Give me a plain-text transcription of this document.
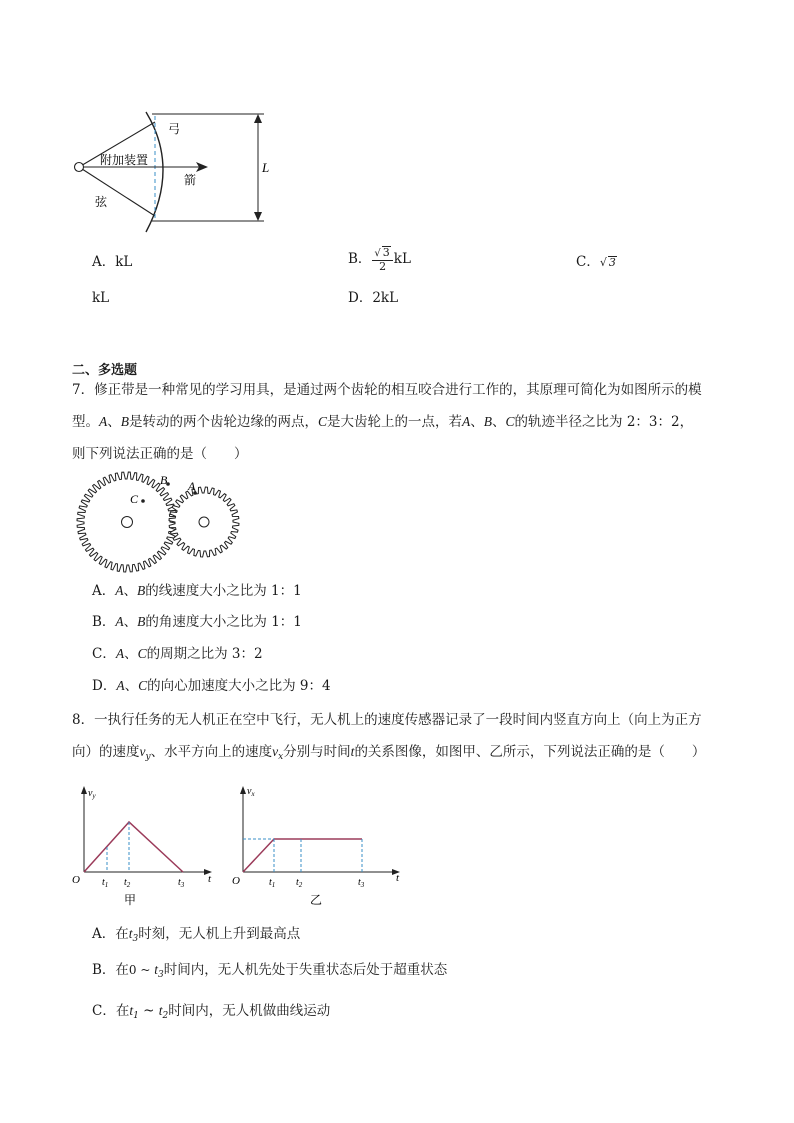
弓
附加装置
箭
弦
L
A．kL	B． $\frac{√ 3}{2}$ kL	C．√ 3
kL	D．2kL
二、多选题
7．修正带是一种常见的学习用具，是通过两个齿轮的相互咬合进行工作的，其原理可简化为如图所示的模
型。A、B是转动的两个齿轮边缘的两点，C是大齿轮上的一点，若A、B、C的轨迹半径之比为 2：3：2，
则下列说法正确的是（　　）
C
B A
A．A、B的线速度大小之比为 1：1
B．A、B的角速度大小之比为 1：1
C．A、C的周期之比为 3：2
D．A、C的向心加速度大小之比为 9：4
8．一执行任务的无人机正在空中飞行，无人机上的速度传感器记录了一段时间内竖直方向上（向上为正方
向）的速度$v_y$、水平方向上的速度$v_x$分别与时间t的关系图像，如图甲、乙所示，下列说法正确的是（　　）
$v_y$
O $t_1$ $t_2$	$t_3$ t
甲
$v_x$
O	$t_1$ $t_2$	$t_3$
t
乙
A．在$t_3$时刻，无人机上升到最高点
B．在0 ~ $t_3$时间内，无人机先处于失重状态后处于超重状态
C．在$t_1$ ~ $t_2$时间内，无人机做曲线运动
